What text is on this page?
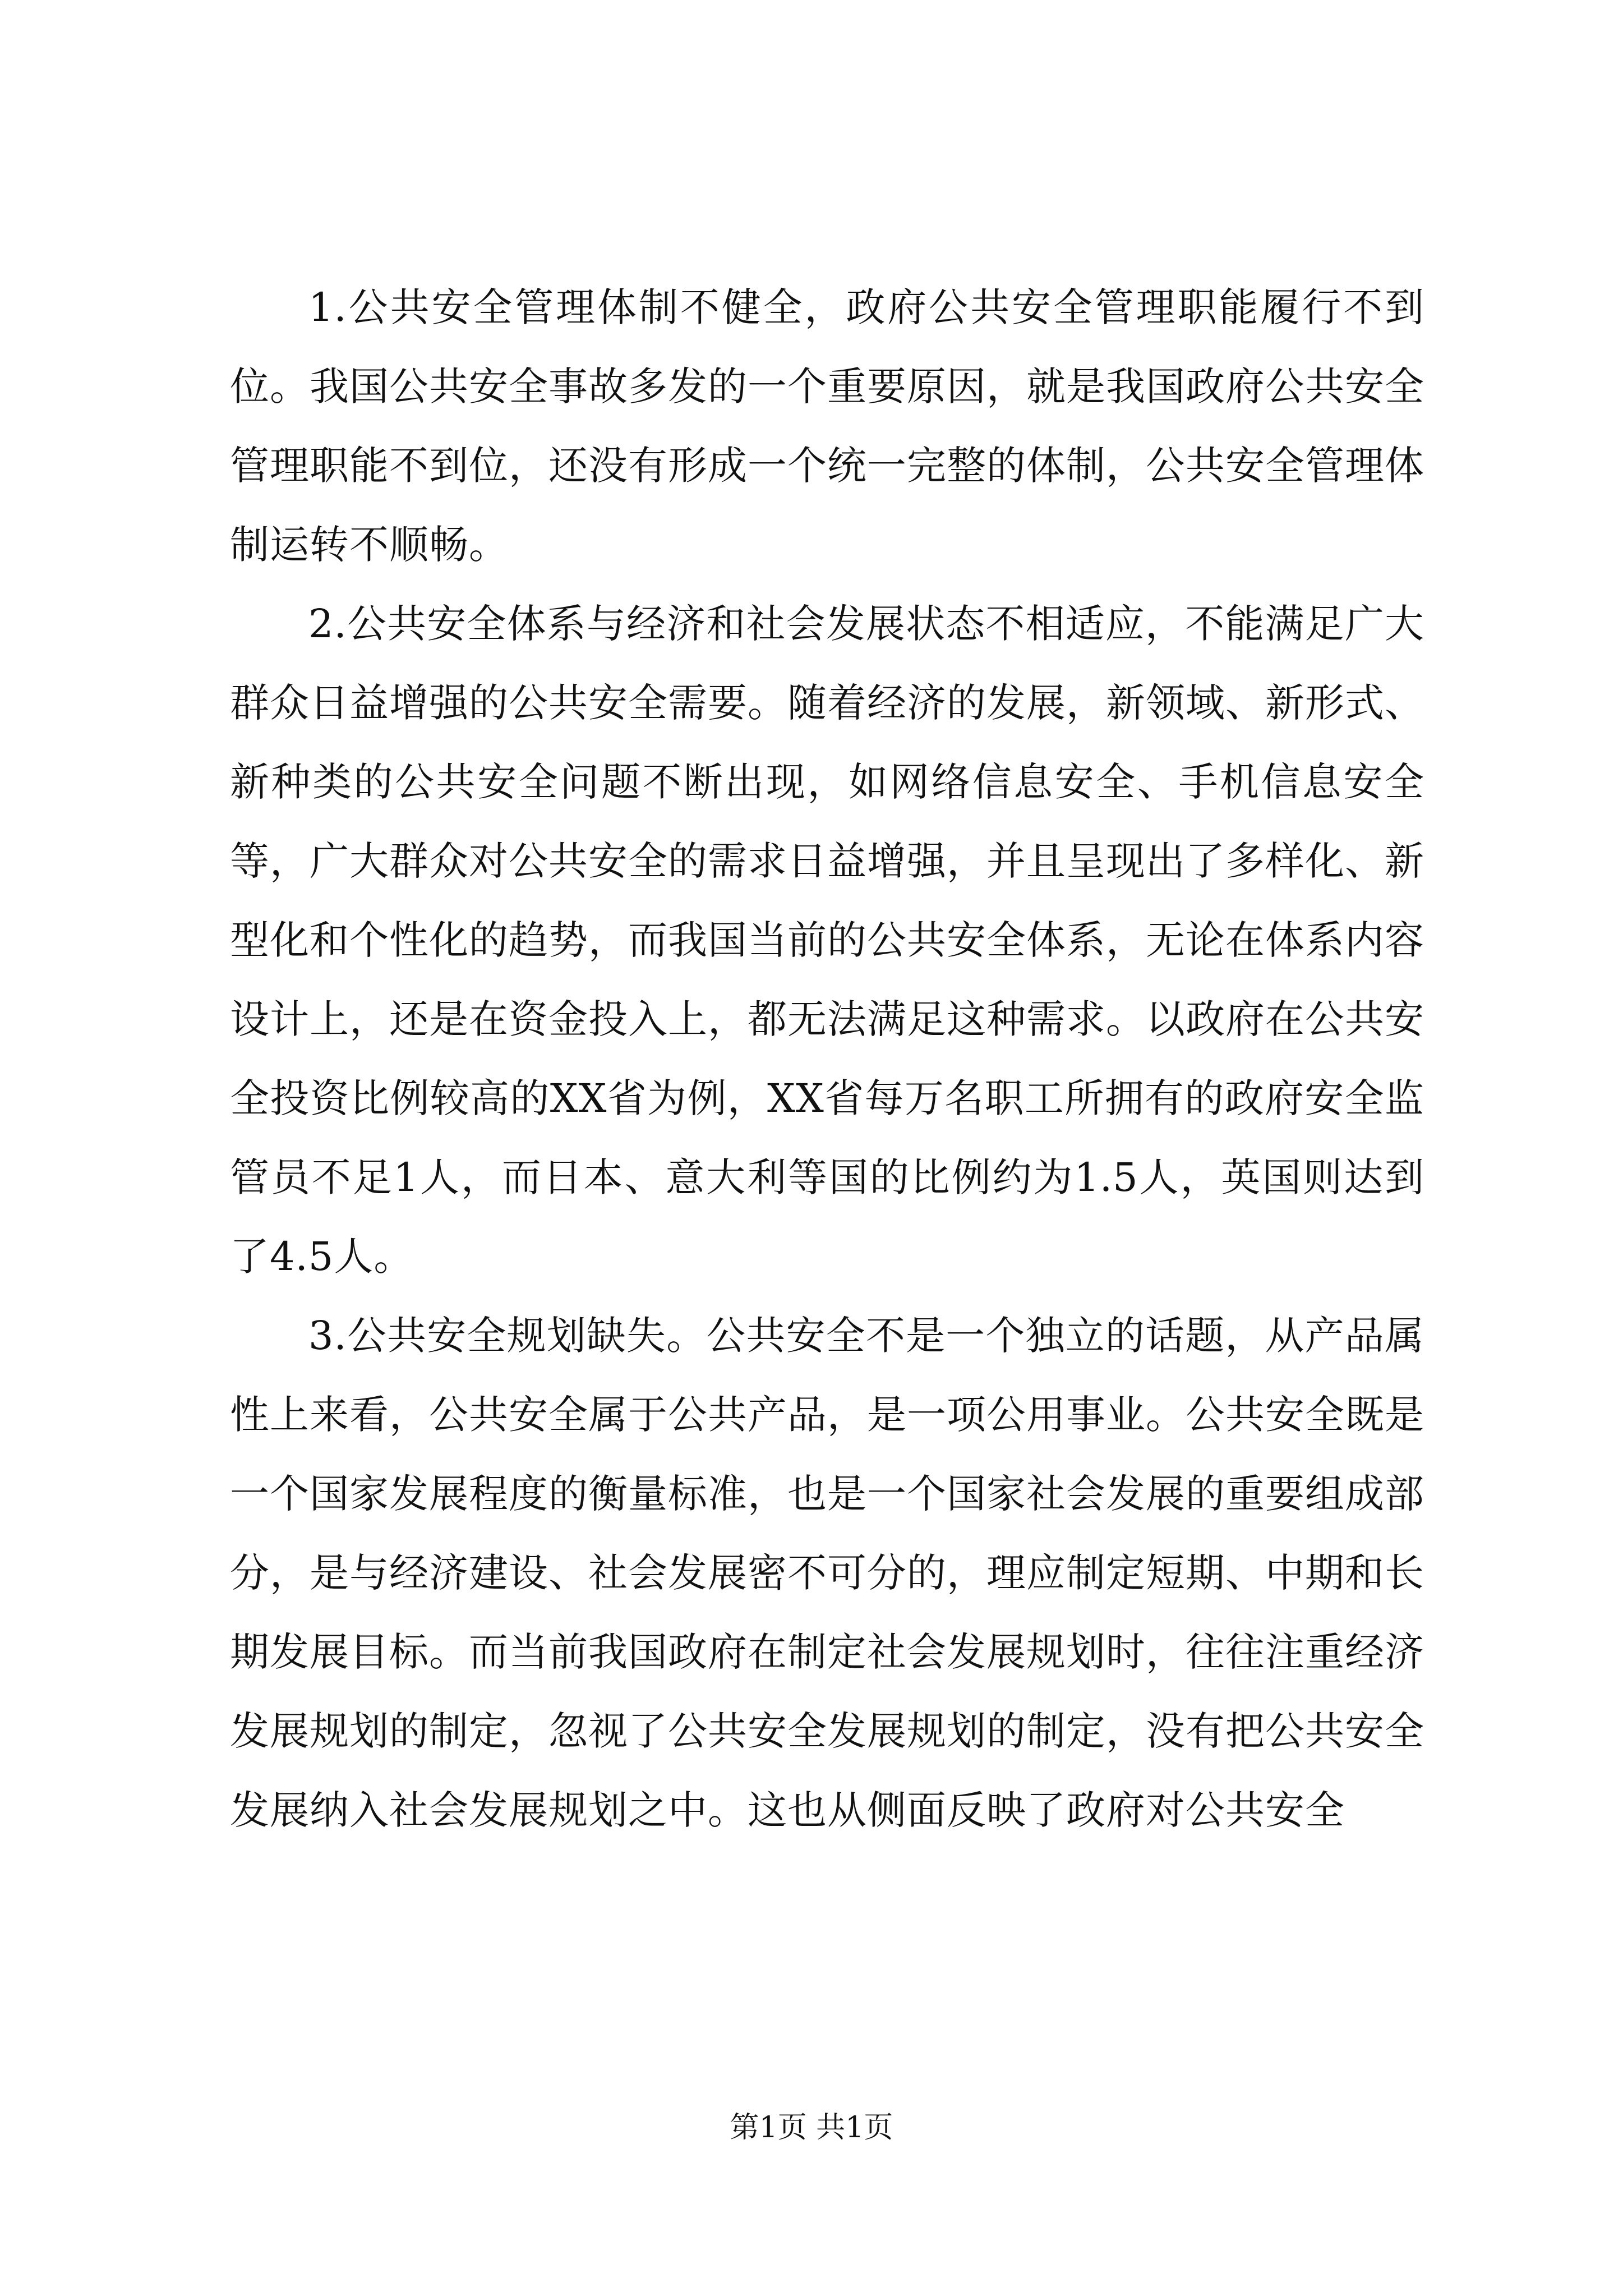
1.公共安全管理体制不健全，政府公共安全管理职能履行不到位。我国公共安全事故多发的一个重要原因，就是我国政府公共安全管理职能不到位，还没有形成一个统一完整的体制，公共安全管理体制运转不顺畅。

2.公共安全体系与经济和社会发展状态不相适应，不能满足广大群众日益增强的公共安全需要。随着经济的发展，新领域、新形式、新种类的公共安全问题不断出现，如网络信息安全、手机信息安全等，广大群众对公共安全的需求日益增强，并且呈现出了多样化、新型化和个性化的趋势，而我国当前的公共安全体系，无论在体系内容设计上，还是在资金投入上，都无法满足这种需求。以政府在公共安全投资比例较高的XX省为例，XX省每万名职工所拥有的政府安全监管员不足1人，而日本、意大利等国的比例约为1.5人，英国则达到了4.5人。

3.公共安全规划缺失。公共安全不是一个独立的话题，从产品属性上来看，公共安全属于公共产品，是一项公用事业。公共安全既是一个国家发展程度的衡量标准，也是一个国家社会发展的重要组成部分，是与经济建设、社会发展密不可分的，理应制定短期、中期和长期发展目标。而当前我国政府在制定社会发展规划时，往往注重经济发展规划的制定，忽视了公共安全发展规划的制定，没有把公共安全发展纳入社会发展规划之中。这也从侧面反映了政府对公共安全

第1页 共1页
